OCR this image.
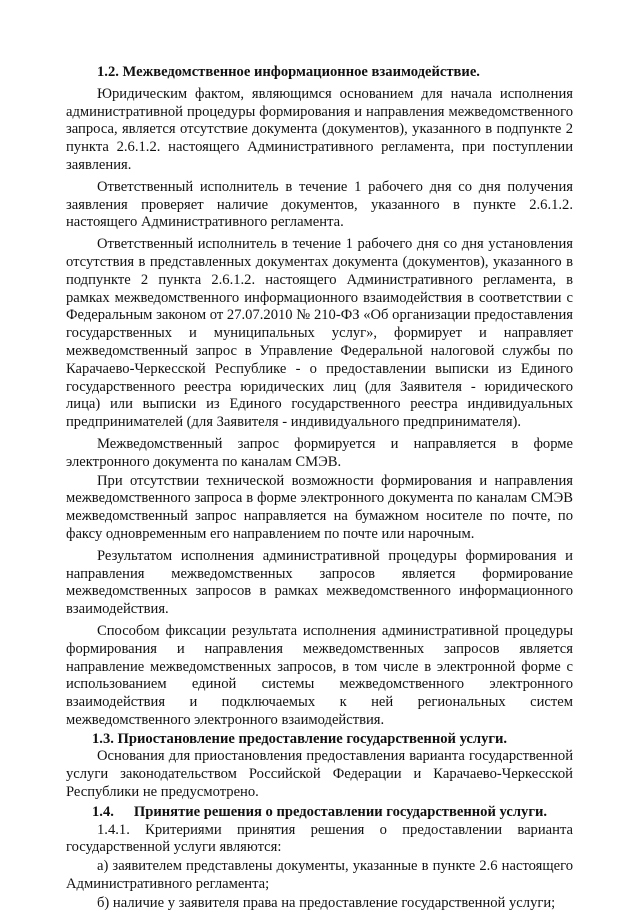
1.2. Межведомственное информационное взаимодействие.

Юридическим фактом, являющимся основанием для начала исполнения административной процедуры формирования и направления межведомственного запроса, является отсутствие документа (документов), указанного в подпункте 2 пункта 2.6.1.2. настоящего Административного регламента, при поступлении заявления.

Ответственный исполнитель в течение 1 рабочего дня со дня получения заявления проверяет наличие документов, указанного в пункте 2.6.1.2. настоящего Административного регламента.

Ответственный исполнитель в течение 1 рабочего дня со дня установления отсутствия в представленных документах документа (документов), указанного в подпункте 2 пункта 2.6.1.2. настоящего Административного регламента, в рамках межведомственного информационного взаимодействия в соответствии с Федеральным законом от 27.07.2010 № 210-ФЗ «Об организации предоставления государственных и муниципальных услуг», формирует и направляет межведомственный запрос в Управление Федеральной налоговой службы по Карачаево-Черкесской Республике - о предоставлении выписки из Единого государственного реестра юридических лиц (для Заявителя - юридического лица) или выписки из Единого государственного реестра индивидуальных предпринимателей (для Заявителя - индивидуального предпринимателя).

Межведомственный запрос формируется и направляется в форме электронного документа по каналам СМЭВ.

При отсутствии технической возможности формирования и направления межведомственного запроса в форме электронного документа по каналам СМЭВ межведомственный запрос направляется на бумажном носителе по почте, по факсу одновременным его направлением по почте или нарочным.

Результатом исполнения административной процедуры формирования и направления межведомственных запросов является формирование межведомственных запросов в рамках межведомственного информационного взаимодействия.

Способом фиксации результата исполнения административной процедуры формирования и направления межведомственных запросов является направление межведомственных запросов, в том числе в электронной форме с использованием единой системы межведомственного электронного взаимодействия и подключаемых к ней региональных систем межведомственного электронного взаимодействия.

1.3. Приостановление предоставление государственной услуги.

Основания для приостановления предоставления варианта государственной услуги законодательством Российской Федерации и Карачаево-Черкесской Республики не предусмотрено.

1.4. Принятие решения о предоставлении государственной услуги.

1.4.1. Критериями принятия решения о предоставлении варианта государственной услуги являются:

а) заявителем представлены документы, указанные в пункте 2.6 настоящего Административного регламента;

б) наличие у заявителя права на предоставление государственной услуги;
